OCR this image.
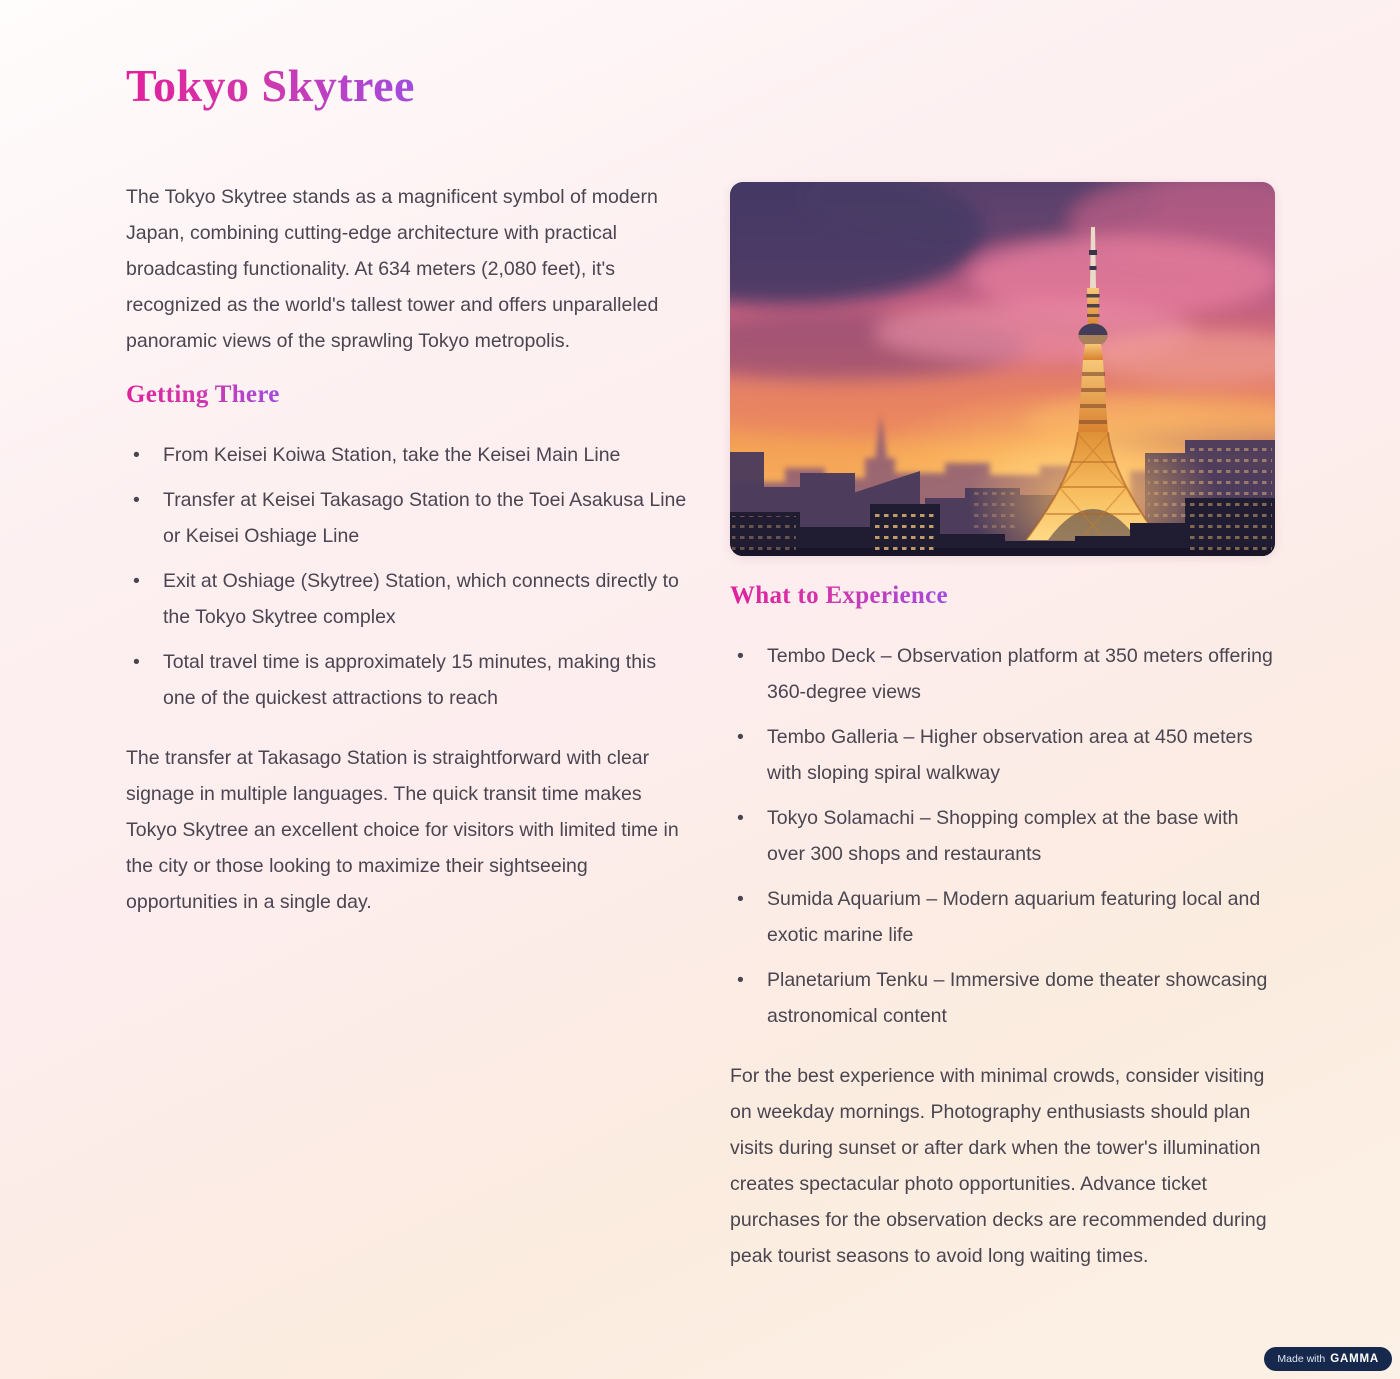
Tokyo Skytree

The Tokyo Skytree stands as a magnificent symbol of modern Japan, combining cutting-edge architecture with practical broadcasting functionality. At 634 meters (2,080 feet), it's recognized as the world's tallest tower and offers unparalleled panoramic views of the sprawling Tokyo metropolis.

Getting There
• From Keisei Koiwa Station, take the Keisei Main Line
• Transfer at Keisei Takasago Station to the Toei Asakusa Line or Keisei Oshiage Line
• Exit at Oshiage (Skytree) Station, which connects directly to the Tokyo Skytree complex
• Total travel time is approximately 15 minutes, making this one of the quickest attractions to reach

The transfer at Takasago Station is straightforward with clear signage in multiple languages. The quick transit time makes Tokyo Skytree an excellent choice for visitors with limited time in the city or those looking to maximize their sightseeing opportunities in a single day.

What to Experience
• Tembo Deck – Observation platform at 350 meters offering 360-degree views
• Tembo Galleria – Higher observation area at 450 meters with sloping spiral walkway
• Tokyo Solamachi – Shopping complex at the base with over 300 shops and restaurants
• Sumida Aquarium – Modern aquarium featuring local and exotic marine life
• Planetarium Tenku – Immersive dome theater showcasing astronomical content

For the best experience with minimal crowds, consider visiting on weekday mornings. Photography enthusiasts should plan visits during sunset or after dark when the tower's illumination creates spectacular photo opportunities. Advance ticket purchases for the observation decks are recommended during peak tourist seasons to avoid long waiting times.

Made with GAMMA
